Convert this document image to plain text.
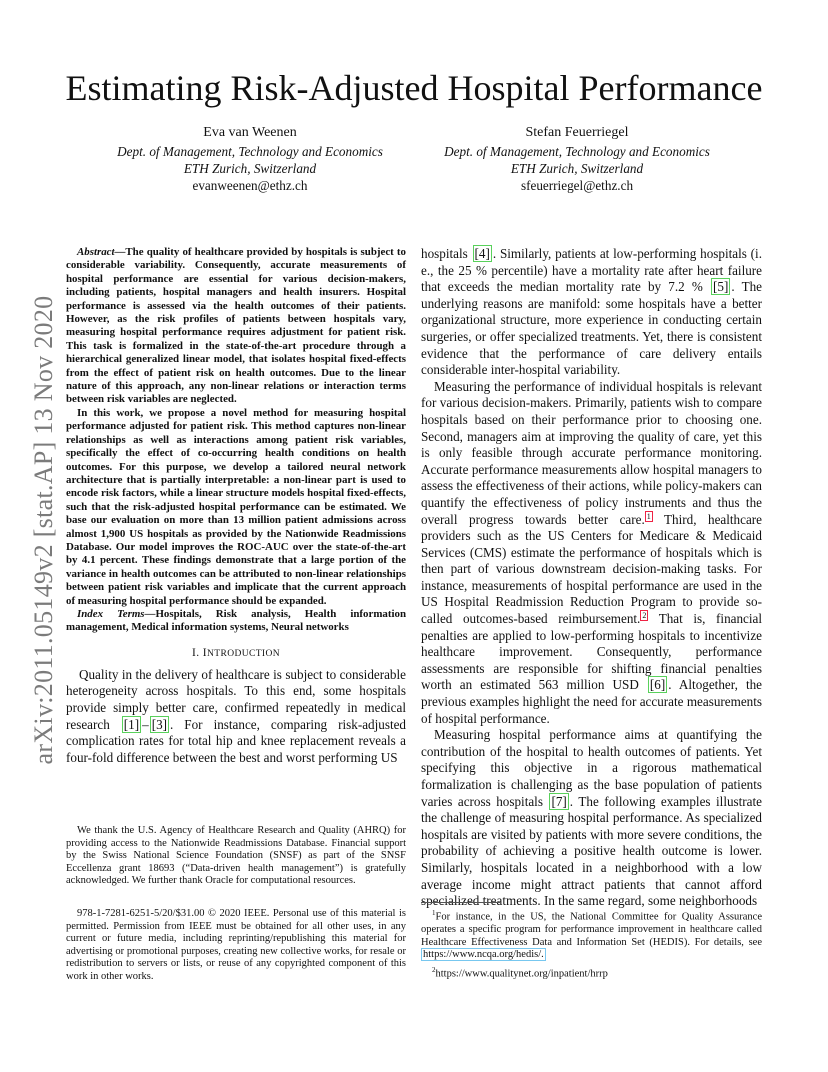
Estimating Risk-Adjusted Hospital Performance
Eva van Weenen
Dept. of Management, Technology and Economics
ETH Zurich, Switzerland
evanweenen@ethz.ch
Stefan Feuerriegel
Dept. of Management, Technology and Economics
ETH Zurich, Switzerland
sfeuerriegel@ethz.ch
arXiv:2011.05149v2 [stat.AP] 13 Nov 2020

Abstract—The quality of healthcare provided by hospitals is subject to considerable variability. Consequently, accurate measurements of hospital performance are essential for various decision-makers, including patients, hospital managers and health insurers. Hospital performance is assessed via the health outcomes of their patients. However, as the risk profiles of patients between hospitals vary, measuring hospital performance requires adjustment for patient risk. This task is formalized in the state-of-the-art procedure through a hierarchical generalized linear model, that isolates hospital fixed-effects from the effect of patient risk on health outcomes. Due to the linear nature of this approach, any non-linear relations or interaction terms between risk variables are neglected.

In this work, we propose a novel method for measuring hospital performance adjusted for patient risk. This method captures non-linear relationships as well as interactions among patient risk variables, specifically the effect of co-occurring health conditions on health outcomes. For this purpose, we develop a tailored neural network architecture that is partially interpretable: a non-linear part is used to encode risk factors, while a linear structure models hospital fixed-effects, such that the risk-adjusted hospital performance can be estimated. We base our evaluation on more than 13 million patient admissions across almost 1,900 US hospitals as provided by the Nationwide Readmissions Database. Our model improves the ROC-AUC over the state-of-the-art by 4.1 percent. These findings demonstrate that a large portion of the variance in health outcomes can be attributed to non-linear relationships between patient risk variables and implicate that the current approach of measuring hospital performance should be expanded.

Index Terms—Hospitals, Risk analysis, Health information management, Medical information systems, Neural networks

I. INTRODUCTION

Quality in the delivery of healthcare is subject to considerable heterogeneity across hospitals. To this end, some hospitals provide simply better care, confirmed repeatedly in medical research [1] – [3] . For instance, comparing risk-adjusted complication rates for total hip and knee replacement reveals a four-fold difference between the best and worst performing US

We thank the U.S. Agency of Healthcare Research and Quality (AHRQ) for providing access to the Nationwide Readmissions Database. Financial support by the Swiss National Science Foundation (SNSF) as part of the SNSF Eccellenza grant 18693 (“Data-driven health management”) is gratefully acknowledged. We further thank Oracle for computational resources.

978-1-7281-6251-5/20/$31.00 © 2020 IEEE. Personal use of this material is permitted. Permission from IEEE must be obtained for all other uses, in any current or future media, including reprinting/republishing this material for advertising or promotional purposes, creating new collective works, for resale or redistribution to servers or lists, or reuse of any copyrighted component of this work in other works.

hospitals [4] . Similarly, patients at low-performing hospitals (i. e., the 25 % percentile) have a mortality rate after heart failure that exceeds the median mortality rate by 7.2 % [5] . The underlying reasons are manifold: some hospitals have a better organizational structure, more experience in conducting certain surgeries, or offer specialized treatments. Yet, there is consistent evidence that the performance of care delivery entails considerable inter-hospital variability.

Measuring the performance of individual hospitals is relevant for various decision-makers. Primarily, patients wish to compare hospitals based on their performance prior to choosing one. Second, managers aim at improving the quality of care, yet this is only feasible through accurate performance monitoring. Accurate performance measurements allow hospital managers to assess the effectiveness of their actions, while policy-makers can quantify the effectiveness of policy instruments and thus the overall progress towards better care. $^1$ Third, healthcare providers such as the US Centers for Medicare & Medicaid Services (CMS) estimate the performance of hospitals which is then part of various downstream decision-making tasks. For instance, measurements of hospital performance are used in the US Hospital Readmission Reduction Program to provide so-called outcomes-based reimbursement. $^2$ That is, financial penalties are applied to low-performing hospitals to incentivize healthcare improvement. Consequently, performance assessments are responsible for shifting financial penalties worth an estimated 563 million USD [6] . Altogether, the previous examples highlight the need for accurate measurements of hospital performance.

Measuring hospital performance aims at quantifying the contribution of the hospital to health outcomes of patients. Yet specifying this objective in a rigorous mathematical formalization is challenging as the base population of patients varies across hospitals [7] . The following examples illustrate the challenge of measuring hospital performance. As specialized hospitals are visited by patients with more severe conditions, the probability of achieving a positive health outcome is lower. Similarly, hospitals located in a neighborhood with a low average income might attract patients that cannot afford specialized treatments. In the same regard, some neighborhoods

$^1$For instance, in the US, the National Committee for Quality Assurance operates a specific program for performance improvement in healthcare called Healthcare Effectiveness Data and Information Set (HEDIS). For details, see https://www.ncqa.org/hedis/.

$^2$https://www.qualitynet.org/inpatient/hrrp
